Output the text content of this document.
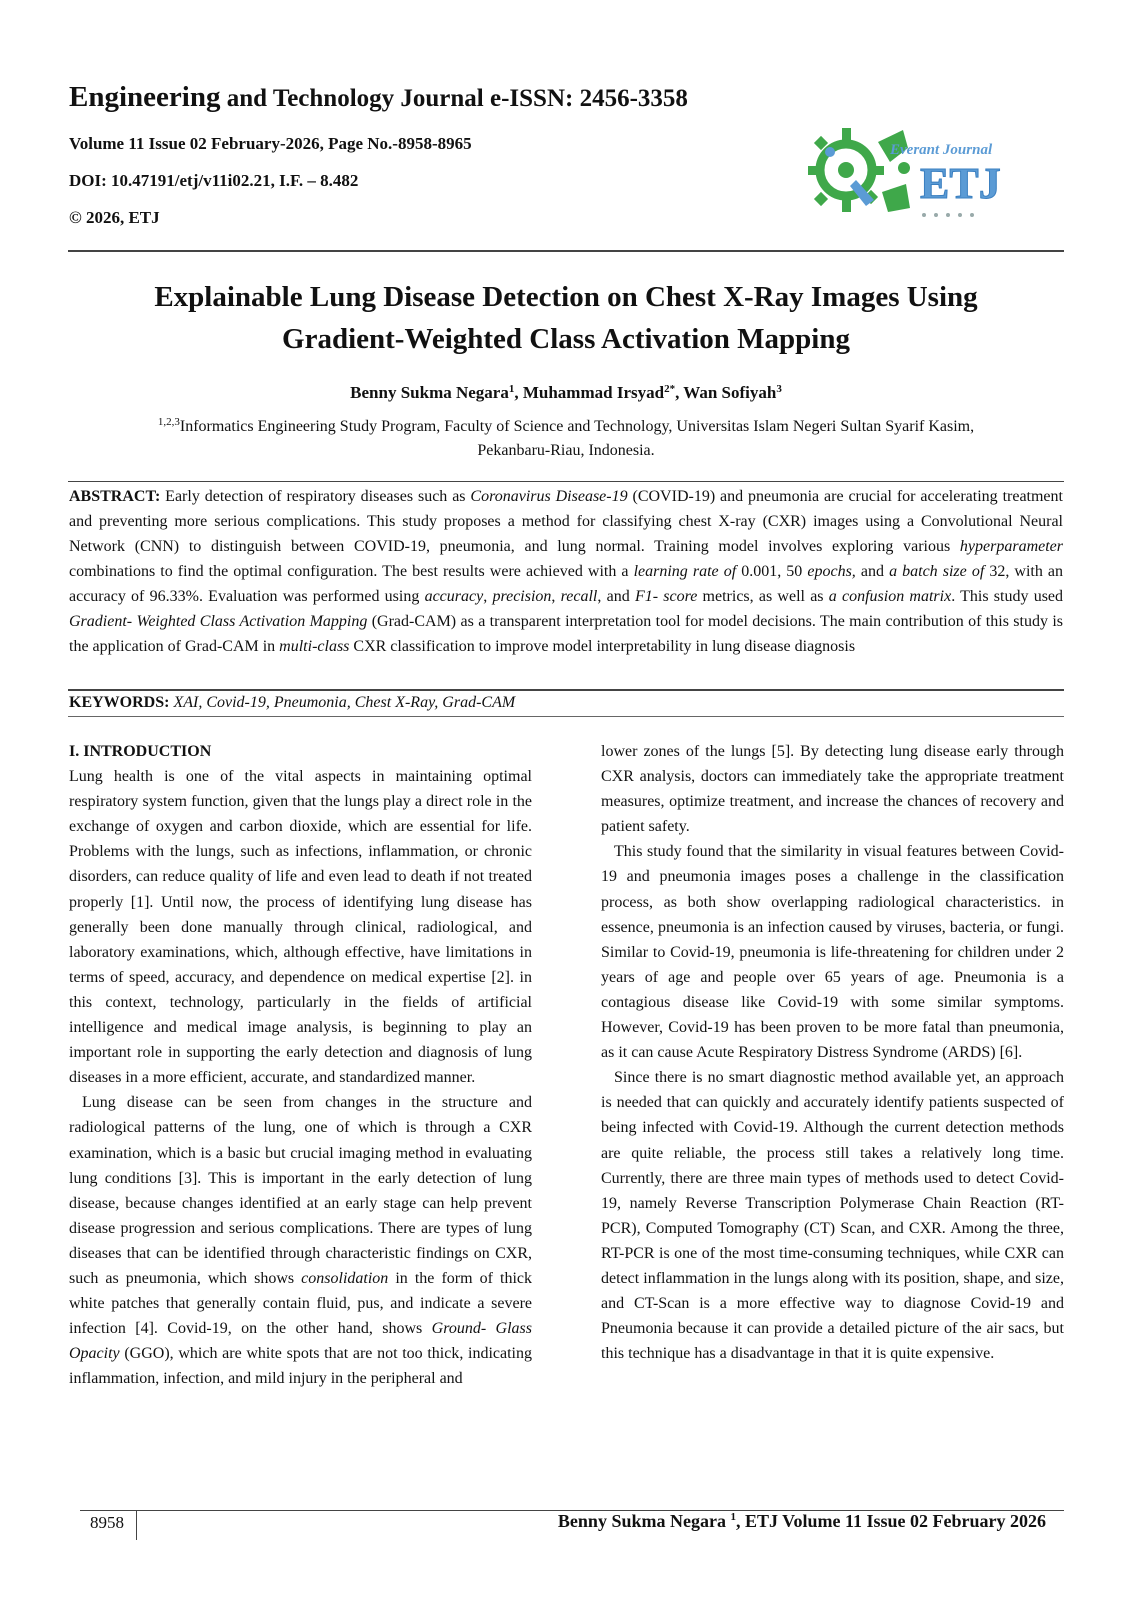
Engineering and Technology Journal e-ISSN: 2456-3358
Volume 11 Issue 02 February-2026, Page No.-8958-8965
DOI: 10.47191/etj/v11i02.21, I.F. – 8.482
© 2026, ETJ
Everant Journal
ETJ
Explainable Lung Disease Detection on Chest X-Ray Images Using
Gradient-Weighted Class Activation Mapping
Benny Sukma Negara$^1$, Muhammad Irsyad$^{2*}$, Wan Sofiyah$^3$
$^{1,2,3}$Informatics Engineering Study Program, Faculty of Science and Technology, Universitas Islam Negeri Sultan Syarif Kasim,
Pekanbaru-Riau, Indonesia.
ABSTRACT: Early detection of respiratory diseases such as Coronavirus Disease-19 (COVID-19) and pneumonia are crucial for accelerating treatment and preventing more serious complications. This study proposes a method for classifying chest X-ray (CXR) images using a Convolutional Neural Network (CNN) to distinguish between COVID-19, pneumonia, and lung normal. Training model involves exploring various hyperparameter combinations to find the optimal configuration. The best results were achieved with a learning rate of 0.001, 50 epochs, and a batch size of 32, with an accuracy of 96.33%. Evaluation was performed using accuracy, precision, recall, and F1- score metrics, as well as a confusion matrix. This study used Gradient- Weighted Class Activation Mapping (Grad-CAM) as a transparent interpretation tool for model decisions. The main contribution of this study is the application of Grad-CAM in multi-class CXR classification to improve model interpretability in lung disease diagnosis
KEYWORDS: XAI, Covid-19, Pneumonia, Chest X-Ray, Grad-CAM

I. INTRODUCTION

Lung health is one of the vital aspects in maintaining optimal respiratory system function, given that the lungs play a direct role in the exchange of oxygen and carbon dioxide, which are essential for life. Problems with the lungs, such as infections, inflammation, or chronic disorders, can reduce quality of life and even lead to death if not treated properly [1]. Until now, the process of identifying lung disease has generally been done manually through clinical, radiological, and laboratory examinations, which, although effective, have limitations in terms of speed, accuracy, and dependence on medical expertise [2]. in this context, technology, particularly in the fields of artificial intelligence and medical image analysis, is beginning to play an important role in supporting the early detection and diagnosis of lung diseases in a more efficient, accurate, and standardized manner.

Lung disease can be seen from changes in the structure and radiological patterns of the lung, one of which is through a CXR examination, which is a basic but crucial imaging method in evaluating lung conditions [3]. This is important in the early detection of lung disease, because changes identified at an early stage can help prevent disease progression and serious complications. There are types of lung diseases that can be identified through characteristic findings on CXR, such as pneumonia, which shows consolidation in the form of thick white patches that generally contain fluid, pus, and indicate a severe infection [4]. Covid-19, on the other hand, shows Ground- Glass Opacity (GGO), which are white spots that are not too thick, indicating inflammation, infection, and mild injury in the peripheral and

lower zones of the lungs [5]. By detecting lung disease early through CXR analysis, doctors can immediately take the appropriate treatment measures, optimize treatment, and increase the chances of recovery and patient safety.

This study found that the similarity in visual features between Covid-19 and pneumonia images poses a challenge in the classification process, as both show overlapping radiological characteristics. in essence, pneumonia is an infection caused by viruses, bacteria, or fungi. Similar to Covid-19, pneumonia is life-threatening for children under 2 years of age and people over 65 years of age. Pneumonia is a contagious disease like Covid-19 with some similar symptoms. However, Covid-19 has been proven to be more fatal than pneumonia, as it can cause Acute Respiratory Distress Syndrome (ARDS) [6].

Since there is no smart diagnostic method available yet, an approach is needed that can quickly and accurately identify patients suspected of being infected with Covid-19. Although the current detection methods are quite reliable, the process still takes a relatively long time. Currently, there are three main types of methods used to detect Covid-19, namely Reverse Transcription Polymerase Chain Reaction (RT-PCR), Computed Tomography (CT) Scan, and CXR. Among the three, RT-PCR is one of the most time-consuming techniques, while CXR can detect inflammation in the lungs along with its position, shape, and size, and CT-Scan is a more effective way to diagnose Covid-19 and Pneumonia because it can provide a detailed picture of the air sacs, but this technique has a disadvantage in that it is quite expensive.

8958	Benny Sukma Negara $^1$, ETJ Volume 11 Issue 02 February 2026
